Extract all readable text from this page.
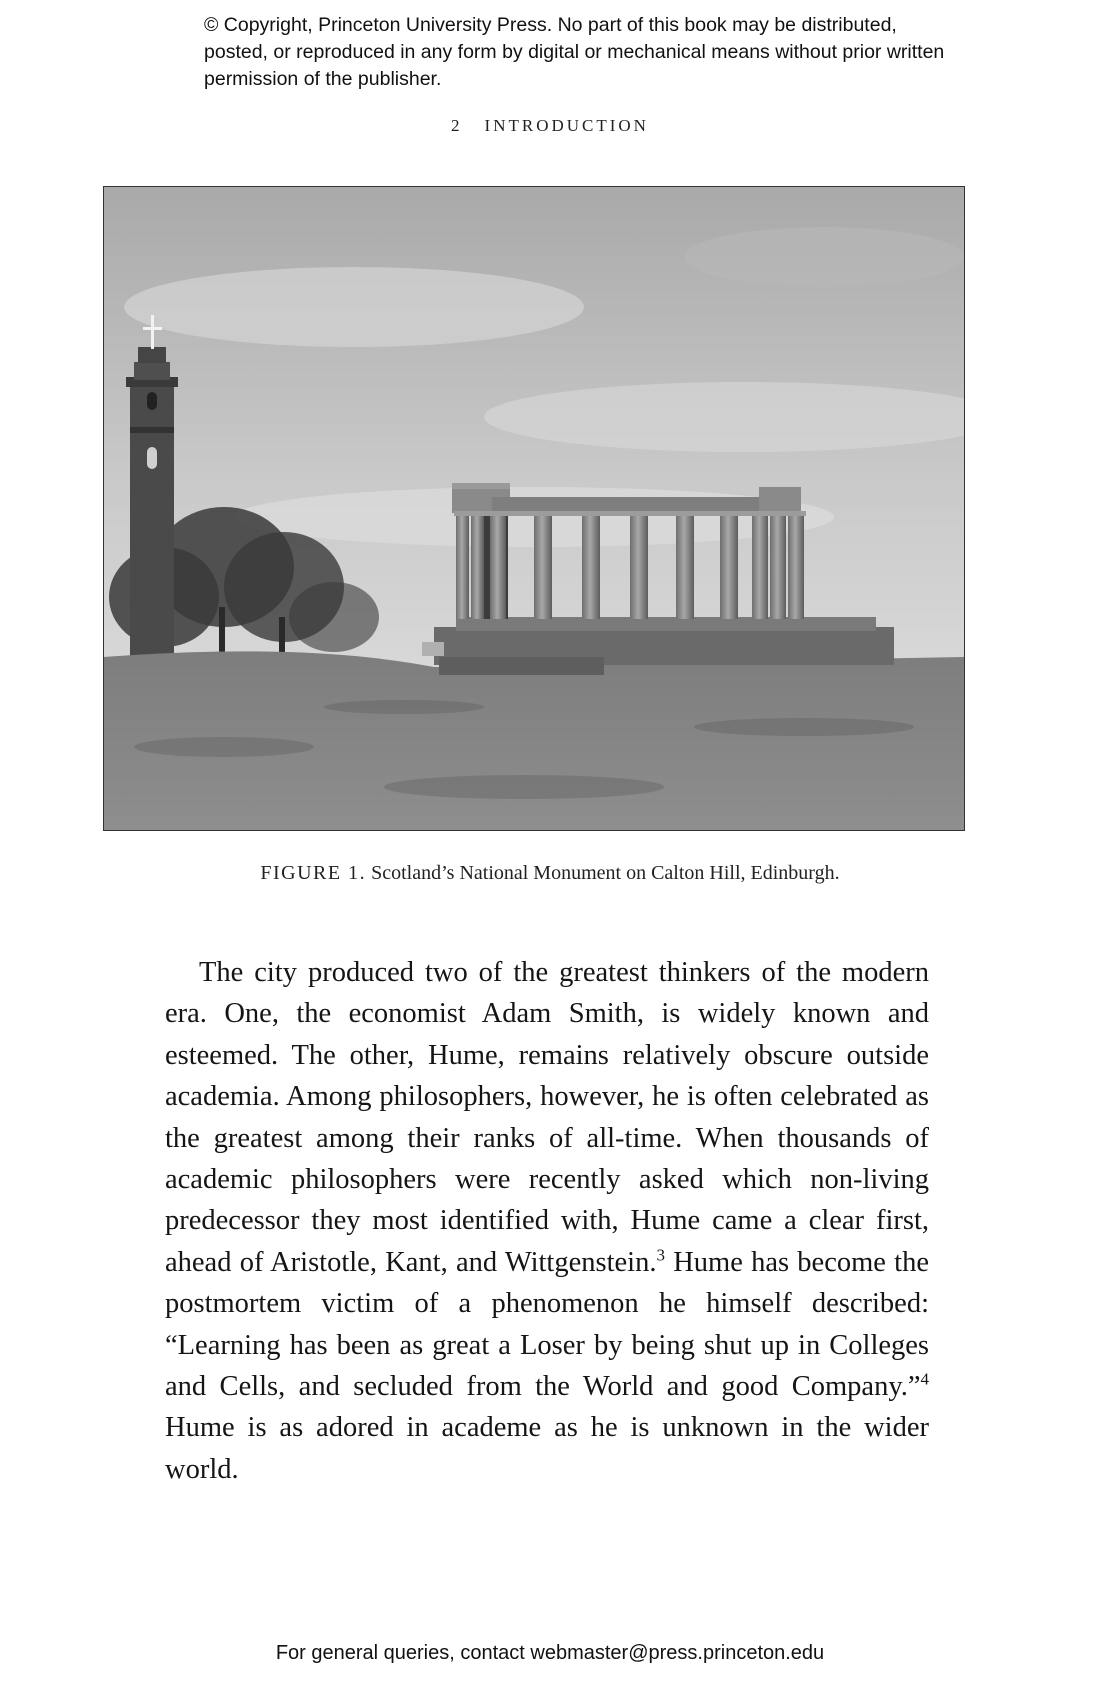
© Copyright, Princeton University Press. No part of this book may be distributed, posted, or reproduced in any form by digital or mechanical means without prior written permission of the publisher.
2 INTRODUCTION
FIGURE 1. Scotland’s National Monument on Calton Hill, Edinburgh.

The city produced two of the greatest thinkers of the modern era. One, the economist Adam Smith, is widely known and esteemed. The other, Hume, remains relatively obscure outside academia. Among philosophers, however, he is often celebrated as the greatest among their ranks of all-time. When thousands of academic philosophers were recently asked which non-living predecessor they most identified with, Hume came a clear first, ahead of Aristotle, Kant, and Wittgenstein.$^3$ Hume has become the postmortem victim of a phenomenon he himself described: “Learning has been as great a Loser by being shut up in Colleges and Cells, and secluded from the World and good Company.”$^4$ Hume is as adored in academe as he is unknown in the wider world.

For general queries, contact webmaster@press.princeton.edu
